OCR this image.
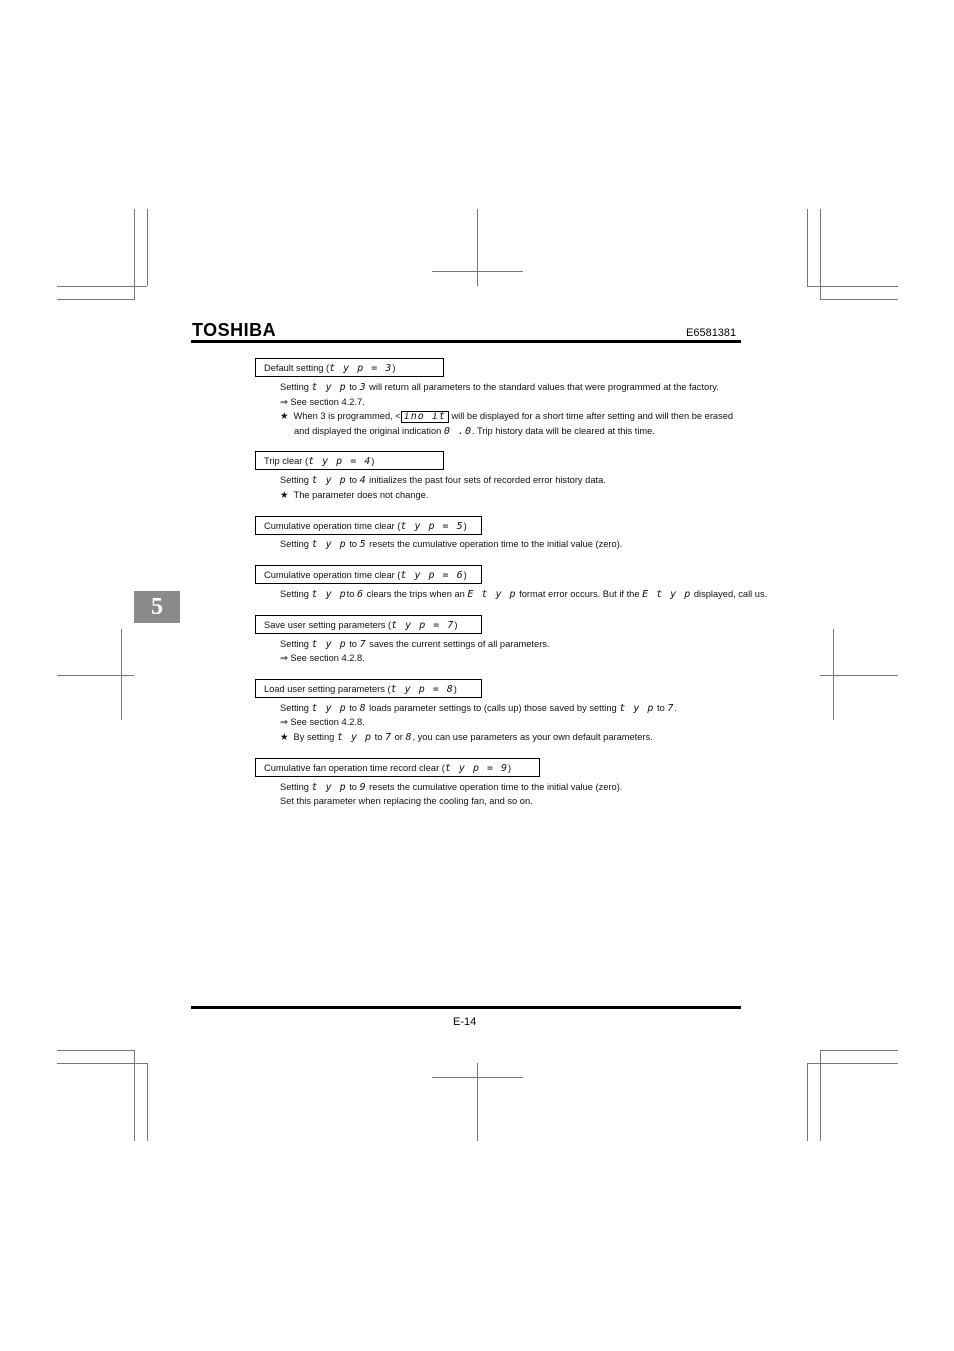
TOSHIBA	E6581381
5
Default setting (t y p = 3)
Setting t y p to 3 will return all parameters to the standard values that were programmed at the factory.
⇒ See section 4.2.7.
★ When 3 is programmed, < ino it will be displayed for a short time after setting and will then be erased
and displayed the original indication 0 .0. Trip history data will be cleared at this time.
Trip clear (t y p = 4)
Setting t y p to 4 initializes the past four sets of recorded error history data.
★ The parameter does not change.
Cumulative operation time clear (t y p = 5)
Setting t y p to 5 resets the cumulative operation time to the initial value (zero).
Cumulative operation time clear (t y p = 6)
Setting t y pto 6 clears the trips when an E t y p format error occurs. But if the E t y p displayed, call us.
Save user setting parameters (t y p = 7)
Setting t y p to 7 saves the current settings of all parameters.
⇒ See section 4.2.8.
Load user setting parameters (t y p = 8)
Setting t y p to 8 loads parameter settings to (calls up) those saved by setting t y p to 7.
⇒ See section 4.2.8.
★ By setting t y p to 7 or 8, you can use parameters as your own default parameters.
Cumulative fan operation time record clear (t y p = 9)
Setting t y p to 9 resets the cumulative operation time to the initial value (zero).
Set this parameter when replacing the cooling fan, and so on.
E-14
